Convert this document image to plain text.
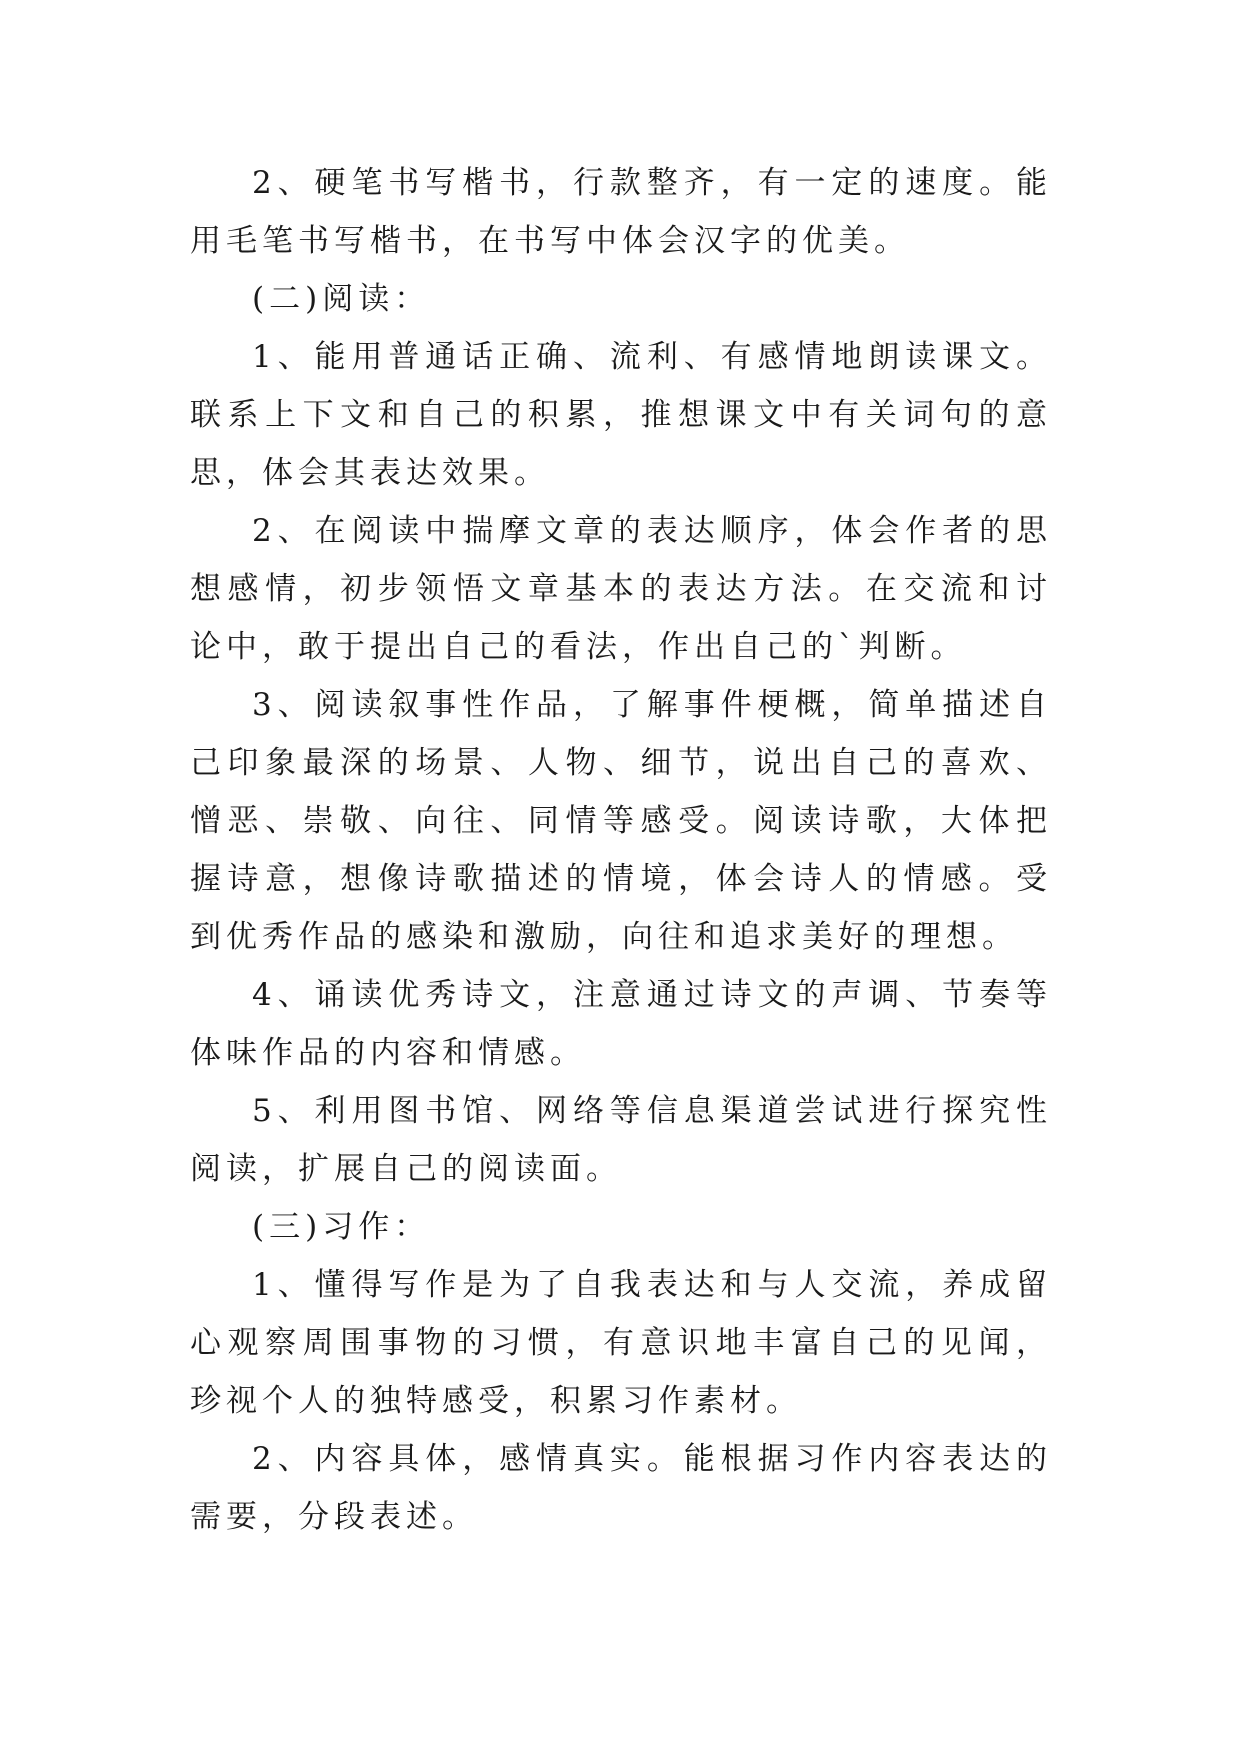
2、硬笔书写楷书，行款整齐，有一定的速度。能用毛笔书写楷书，在书写中体会汉字的优美。

(二)阅读：

1、能用普通话正确、流利、有感情地朗读课文。联系上下文和自己的积累，推想课文中有关词句的意思，体会其表达效果。

2、在阅读中揣摩文章的表达顺序，体会作者的思想感情，初步领悟文章基本的表达方法。在交流和讨论中，敢于提出自己的看法，作出自己的`判断。

3、阅读叙事性作品，了解事件梗概，简单描述自己印象最深的场景、人物、细节，说出自己的喜欢、憎恶、崇敬、向往、同情等感受。阅读诗歌，大体把握诗意，想像诗歌描述的情境，体会诗人的情感。受到优秀作品的感染和激励，向往和追求美好的理想。

4、诵读优秀诗文，注意通过诗文的声调、节奏等体味作品的内容和情感。

5、利用图书馆、网络等信息渠道尝试进行探究性阅读，扩展自己的阅读面。

(三)习作：

1、懂得写作是为了自我表达和与人交流，养成留心观察周围事物的习惯，有意识地丰富自己的见闻，珍视个人的独特感受，积累习作素材。

2、内容具体，感情真实。能根据习作内容表达的需要，分段表述。
